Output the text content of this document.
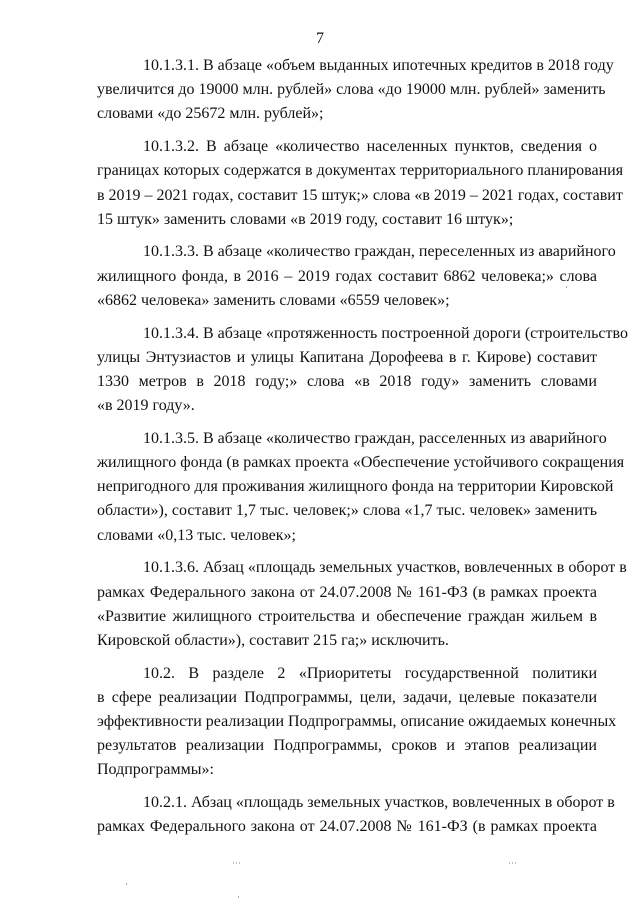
7

10.1.3.1. В абзаце «объем выданных ипотечных кредитов в 2018 году
увеличится до 19000 млн. рублей» слова «до 19000 млн. рублей» заменить
словами «до 25672 млн. рублей»;

10.1.3.2. В абзаце «количество населенных пунктов, сведения о
границах которых содержатся в документах территориального планирования
в 2019 – 2021 годах, составит 15 штук;» слова «в 2019 – 2021 годах, составит
15 штук» заменить словами «в 2019 году, составит 16 штук»;

10.1.3.3. В абзаце «количество граждан, переселенных из аварийного
жилищного фонда, в 2016 – 2019 годах составит 6862 человека;» слова
«6862 человека» заменить словами «6559 человек»;

10.1.3.4. В абзаце «протяженность построенной дороги (строительство
улицы Энтузиастов и улицы Капитана Дорофеева в г. Кирове) составит
1330 метров в 2018 году;» слова «в 2018 году» заменить словами
«в 2019 году».

10.1.3.5. В абзаце «количество граждан, расселенных из аварийного
жилищного фонда (в рамках проекта «Обеспечение устойчивого сокращения
непригодного для проживания жилищного фонда на территории Кировской
области»), составит 1,7 тыс. человек;» слова «1,7 тыс. человек» заменить
словами «0,13 тыс. человек»;

10.1.3.6. Абзац «площадь земельных участков, вовлеченных в оборот в
рамках Федерального закона от 24.07.2008 № 161-ФЗ (в рамках проекта
«Развитие жилищного строительства и обеспечение граждан жильем в
Кировской области»), составит 215 га;» исключить.

10.2. В разделе 2 «Приоритеты государственной политики
в сфере реализации Подпрограммы, цели, задачи, целевые показатели
эффективности реализации Подпрограммы, описание ожидаемых конечных
результатов реализации Подпрограммы, сроков и этапов реализации
Подпрограммы»:

10.2.1. Абзац «площадь земельных участков, вовлеченных в оборот в
рамках Федерального закона от 24.07.2008 № 161-ФЗ (в рамках проекта

·
˙˙˙	˙˙˙
·
·
